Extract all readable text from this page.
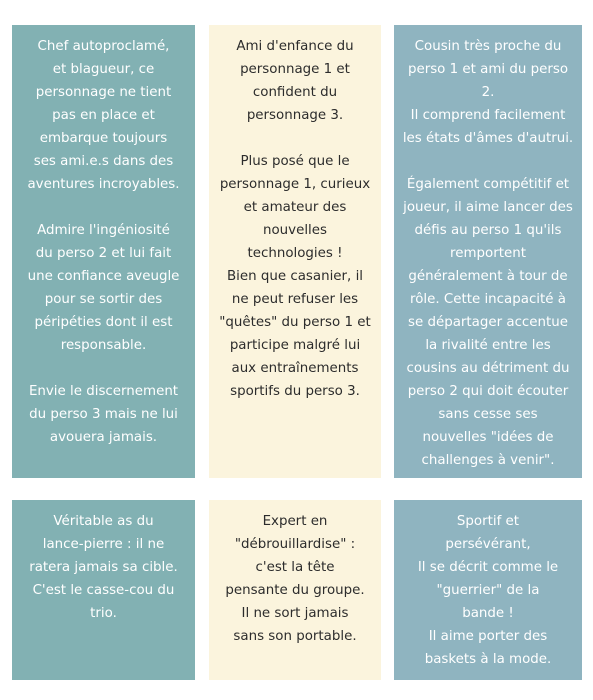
Chef autoproclamé,
et blagueur, ce
personnage ne tient
pas en place et
embarque toujours
ses ami.e.s dans des
aventures incroyables.

Admire l'ingéniosité
du perso 2 et lui fait
une confiance aveugle
pour se sortir des
péripéties dont il est
responsable.

Envie le discernement
du perso 3 mais ne lui
avouera jamais.
Ami d'enfance du
personnage 1 et
confident du
personnage 3.

Plus posé que le
personnage 1, curieux
et amateur des
nouvelles
technologies !
Bien que casanier, il
ne peut refuser les
"quêtes" du perso 1 et
participe malgré lui
aux entraînements
sportifs du perso 3.
Cousin très proche du
perso 1 et ami du perso 2.
Il comprend facilement
les états d'âmes d'autrui.

Également compétitif et
joueur, il aime lancer des
défis au perso 1 qu'ils
remportent
généralement à tour de
rôle. Cette incapacité à
se départager accentue
la rivalité entre les
cousins au détriment du
perso 2 qui doit écouter
sans cesse ses
nouvelles "idées de
challenges à venir".
Véritable as du
lance-pierre : il ne
ratera jamais sa cible.
C'est le casse-cou du
trio.
Expert en
"débrouillardise" :
c'est la tête
pensante du groupe.
Il ne sort jamais
sans son portable.
Sportif et
persévérant,
Il se décrit comme le
"guerrier" de la
bande !
Il aime porter des
baskets à la mode.
